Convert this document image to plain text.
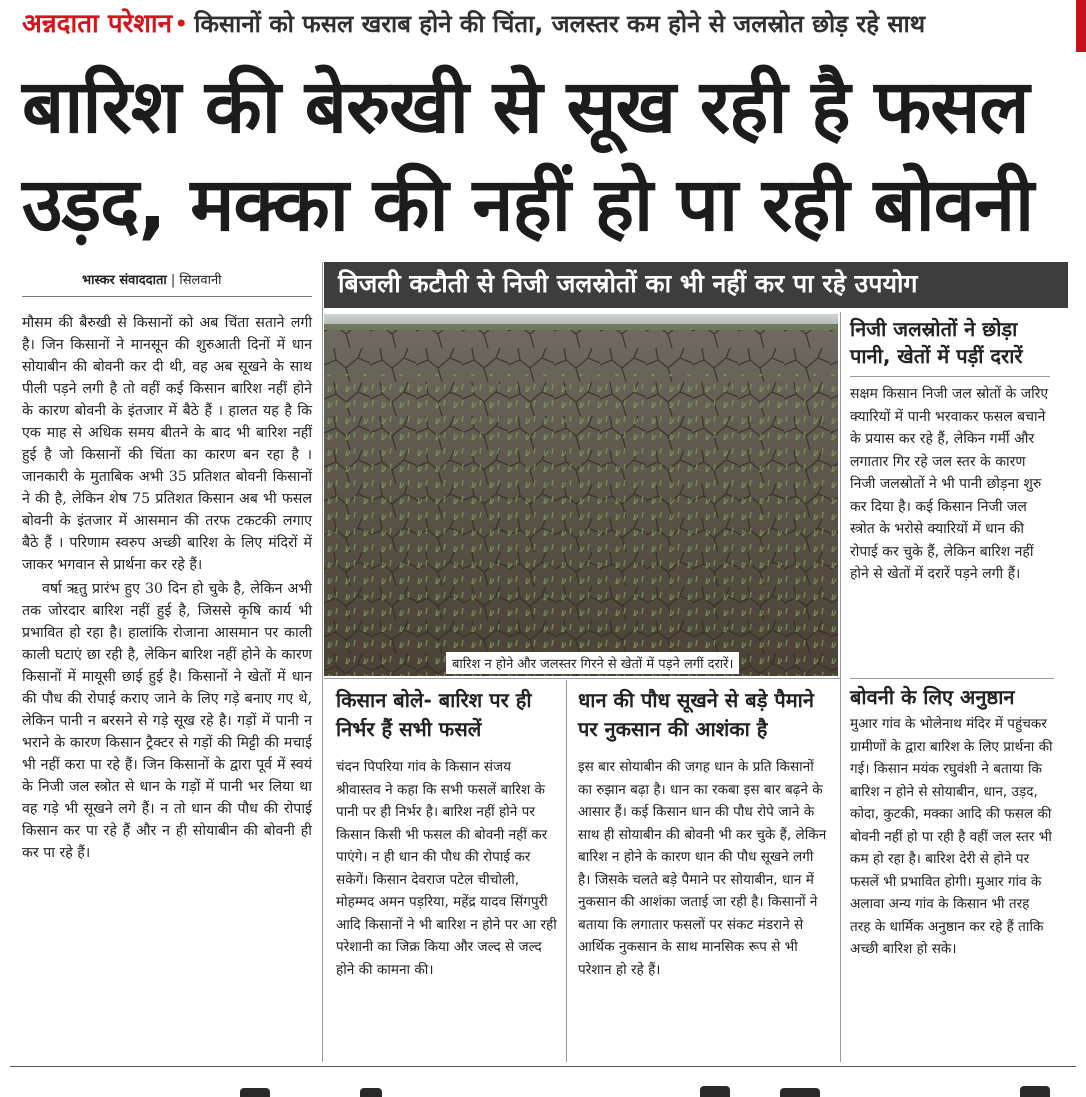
अन्नदाता परेशान• किसानों को फसल खराब होने की चिंता, जलस्तर कम होने से जलस्रोत छोड़ रहे साथ
बारिश की बेरुखी से सूख रही है फसल
उड़द, मक्का की नहीं हो पा रही बोवनी
भास्कर संवाददाता | सिलवानी

मौसम की बैरुखी से किसानों को अब चिंता सताने लगी है। जिन किसानों ने मानसून की शुरुआती दिनों में धान सोयाबीन की बोवनी कर दी थी, वह अब सूखने के साथ पीली पड़ने लगी है तो वहीं कई किसान बारिश नहीं होने के कारण बोवनी के इंतजार में बैठे हैं । हालत यह है कि एक माह से अधिक समय बीतने के बाद भी बारिश नहीं हुई है जो किसानों की चिंता का कारण बन रहा है । जानकारी के मुताबिक अभी 35 प्रतिशत बोवनी किसानों ने की है, लेकिन शेष 75 प्रतिशत किसान अब भी फसल बोवनी के इंतजार में आसमान की तरफ टकटकी लगाए बैठे हैं । परिणाम स्वरुप अच्छी बारिश के लिए मंदिरों में जाकर भगवान से प्रार्थना कर रहे हैं।

वर्षा ऋतु प्रारंभ हुए 30 दिन हो चुके है, लेकिन अभी तक जोरदार बारिश नहीं हुई है, जिससे कृषि कार्य भी प्रभावित हो रहा है। हालांकि रोजाना आसमान पर काली काली घटाएं छा रही है, लेकिन बारिश नहीं होने के कारण किसानों में मायूसी छाई हुई है। किसानों ने खेतों में धान की पौध की रोपाई कराए जाने के लिए गड़े बनाए गए थे, लेकिन पानी न बरसने से गड़े सूख रहे है। गड़ों में पानी न भराने के कारण किसान ट्रैक्टर से गड़ों की मिट्टी की मचाई भी नहीं करा पा रहे हैं। जिन किसानों के द्वारा पूर्व में स्वयं के निजी जल स्त्रोत से धान के गड़ों में पानी भर लिया था वह गड़े भी सूखने लगे हैं। न तो धान की पौध की रोपाई किसान कर पा रहे हैं और न ही सोयाबीन की बोवनी ही कर पा रहे हैं।

बिजली कटौती से निजी जलस्रोतों का भी नहीं कर पा रहे उपयोग
बारिश न होने और जलस्तर गिरने से खेतों में पड़ने लगीं दरारें।
निजी जलस्रोतों ने छोड़ा पानी, खेतों में पड़ीं दरारें

सक्षम किसान निजी जल स्रोतों के जरिए क्यारियों में पानी भरवाकर फसल बचाने के प्रयास कर रहे हैं, लेकिन गर्मी और लगातार गिर रहे जल स्तर के कारण निजी जलस्रोतों ने भी पानी छोड़ना शुरु कर दिया है। कई किसान निजी जल स्त्रोत के भरोसे क्यारियों में धान की रोपाई कर चुके हैं, लेकिन बारिश नहीं होने से खेतों में दरारें पड़ने लगी हैं।

बोवनी के लिए अनुष्ठान

मुआर गांव के भोलेनाथ मंदिर में पहुंचकर ग्रामीणों के द्वारा बारिश के लिए प्रार्थना की गई। किसान मयंक रघुवंशी ने बताया कि बारिश न होने से सोयाबीन, धान, उड़द, कोदा, कुटकी, मक्का आदि की फसल की बोवनी नहीं हो पा रही है वहीं जल स्तर भी कम हो रहा है। बारिश देरी से होने पर फसलें भी प्रभावित होगी। मुआर गांव के अलावा अन्य गांव के किसान भी तरह तरह के धार्मिक अनुष्ठान कर रहे हैं ताकि अच्छी बारिश हो सके।

किसान बोले- बारिश पर ही निर्भर हैं सभी फसलें

चंदन पिपरिया गांव के किसान संजय श्रीवास्तव ने कहा कि सभी फसलें बारिश के पानी पर ही निर्भर है। बारिश नहीं होने पर किसान किसी भी फसल की बोवनी नहीं कर पाएंगे। न ही धान की पौध की रोपाई कर सकेगें। किसान देवराज पटेल चीचोली, मोहम्मद अमन पड़रिया, महेंद्र यादव सिंगपुरी आदि किसानों ने भी बारिश न होने पर आ रही परेशानी का जिक्र किया और जल्द से जल्द होने की कामना की।

धान की पौध सूखने से बड़े पैमाने पर नुकसान की आशंका है

इस बार सोयाबीन की जगह धान के प्रति किसानों का रुझान बढ़ा है। धान का रकबा इस बार बढ़ने के आसार हैं। कई किसान धान की पौध रोपे जाने के साथ ही सोयाबीन की बोवनी भी कर चुके हैं, लेकिन बारिश न होने के कारण धान की पौध सूखने लगी है। जिसके चलते बड़े पैमाने पर सोयाबीन, धान में नुकसान की आशंका जताई जा रही है। किसानों ने बताया कि लगातार फसलों पर संकट मंडराने से आर्थिक नुकसान के साथ मानसिक रूप से भी परेशान हो रहे हैं।
